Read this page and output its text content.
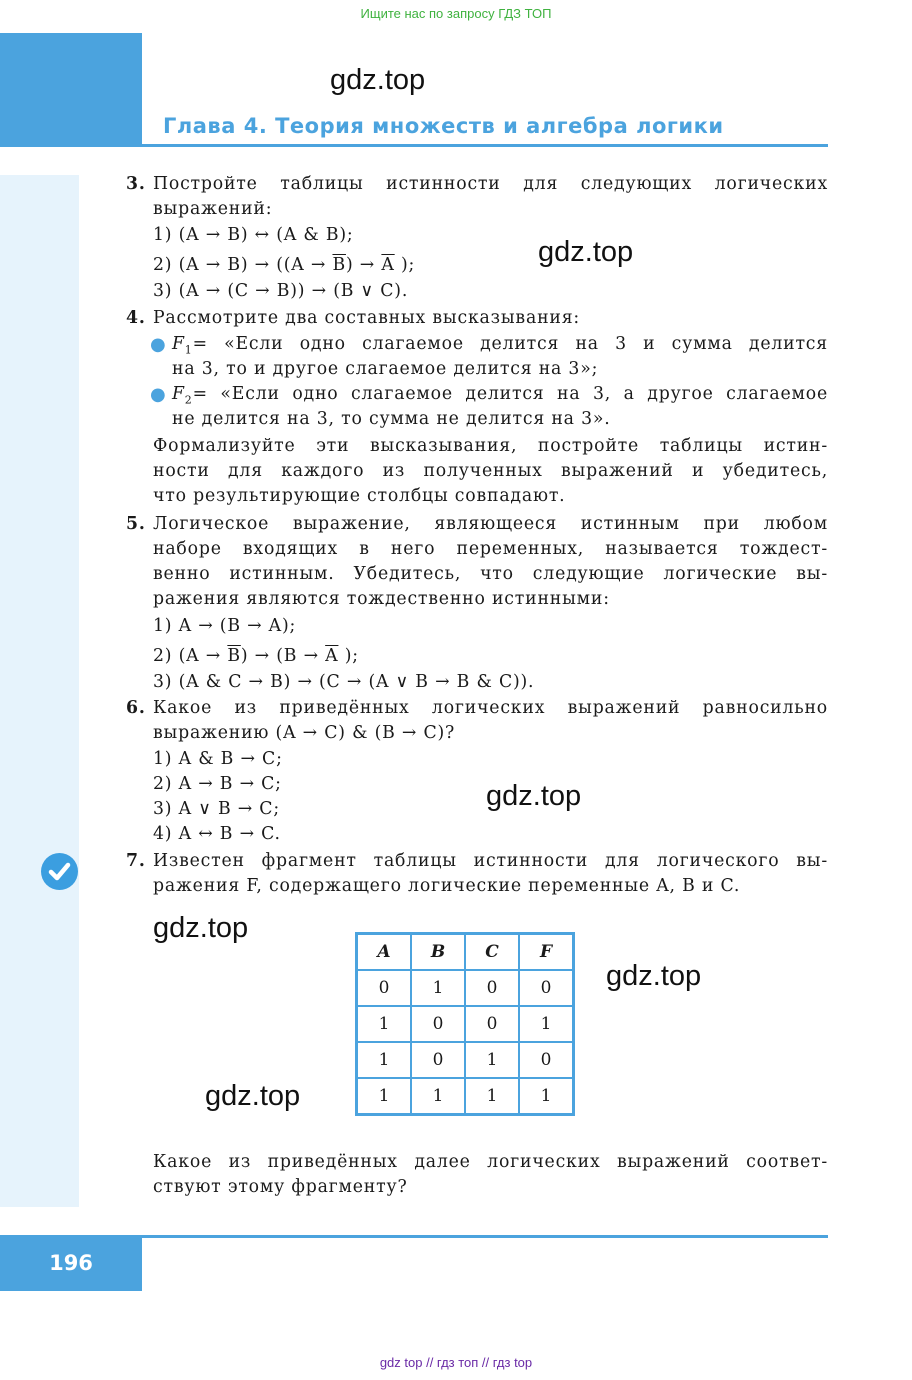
Ищите нас по запросу ГДЗ ТОП
gdz.top
Глава 4. Теория множеств и алгебра логики
3. Постройте таблицы истинности для следующих логических
выражений:
1) (A → B) ↔ (A & B);
2) $(A \to B) \to ((A \to \overline{B}) \to \overline{A}$ );
3) (A → (C → B)) → (B ∨ C).
gdz.top
4. Рассмотрите два составных высказывания:
● $F_1$ = «Если одно слагаемое делится на 3 и сумма делится
на 3, то и другое слагаемое делится на 3»;
● $F_2$ = «Если одно слагаемое делится на 3, а другое слагаемое
не делится на 3, то сумма не делится на 3».
Формализуйте эти высказывания, постройте таблицы истин-
ности для каждого из полученных выражений и убедитесь,
что результирующие столбцы совпадают.
5. Логическое выражение, являющееся истинным при любом
наборе входящих в него переменных, называется тождест-
венно истинным. Убедитесь, что следующие логические вы-
ражения являются тождественно истинными:
1) A → (B → A);
2) $(A \to \overline{B}) \to (B \to \overline{A}$ );
3) (A & C → B) → (C → (A ∨ B → B & C)).
6. Какое из приведённых логических выражений равносильно
выражению (A → C) & (B → C)?
1) A & B → C;
2) A → B → C;
3) A ∨ B → C;
4) A ↔ B → C.
gdz.top
7. Известен фрагмент таблицы истинности для логического вы-
ражения F, содержащего логические переменные A, B и C.
gdz.top
gdz.top
gdz.top
A	B	C	F
0	1	0	0
1	0	0	1
1	0	1	0
1	1	1	1
Какое из приведённых далее логических выражений соответ-
ствуют этому фрагменту?
196
gdz top // гдз топ // гдз top
